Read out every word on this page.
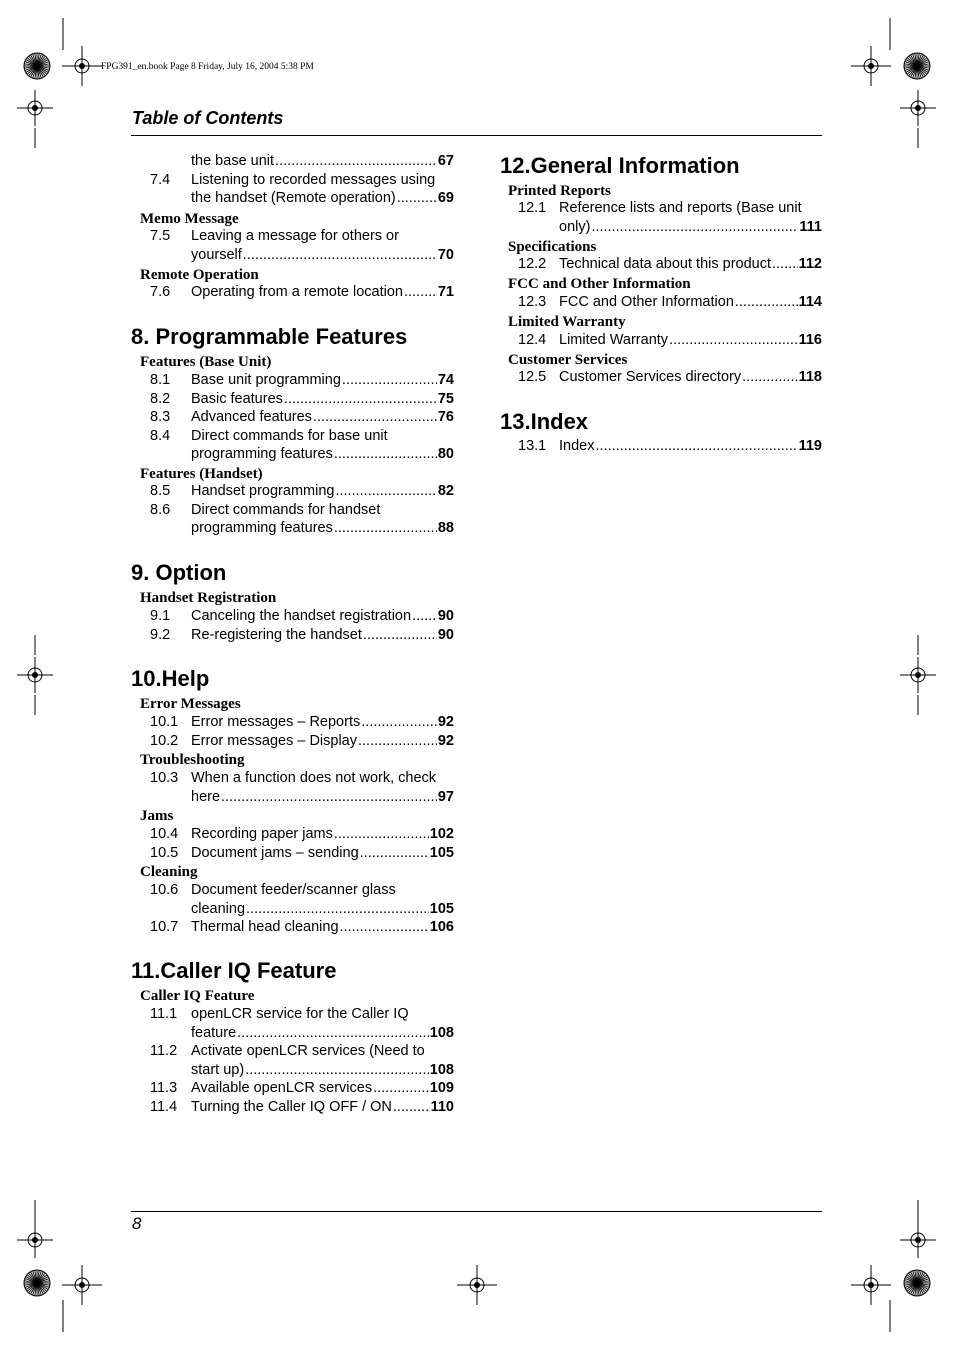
FPG391_en.book Page 8 Friday, July 16, 2004 5:38 PM
Table of Contents
the base unit .....	67
7.4 Listening to recorded messages using
the handset (Remote operation) .....	69
Memo Message
7.5 Leaving a message for others or
yourself .....	70
Remote Operation
7.6 Operating from a remote location ..... 71
8. Programmable Features
Features (Base Unit)
8.1 Base unit programming .....	74
8.2 Basic features .....	75
8.3 Advanced features .....	76
8.4 Direct commands for base unit
programming features .....	80
Features (Handset)
8.5 Handset programming .....	82
8.6 Direct commands for handset
programming features .....	88
9. Option
Handset Registration
9.1 Canceling the handset registration ..... 90
9.2 Re-registering the handset .....	90
10.Help
Error Messages
10.1 Error messages – Reports .....	92
10.2 Error messages – Display .....	92
Troubleshooting
10.3 When a function does not work, check
here .....	97
Jams
10.4 Recording paper jams .....	102
10.5 Document jams – sending .....	105
Cleaning
10.6 Document feeder/scanner glass
cleaning .....	105
10.7 Thermal head cleaning .....	106
11.Caller IQ Feature
Caller IQ Feature
11.1 openLCR service for the Caller IQ
feature .....	108
11.2 Activate openLCR services (Need to
start up) .....	108
11.3 Available openLCR services .....	109
11.4 Turning the Caller IQ OFF / ON .....	110
12.General Information
Printed Reports
12.1 Reference lists and reports (Base unit
only) .....	111
Specifications
12.2 Technical data about this product ..... 112
FCC and Other Information
12.3 FCC and Other Information .....	114
Limited Warranty
12.4 Limited Warranty .....	116
Customer Services
12.5 Customer Services directory .....	118
13.Index
13.1 Index .....	119
8
